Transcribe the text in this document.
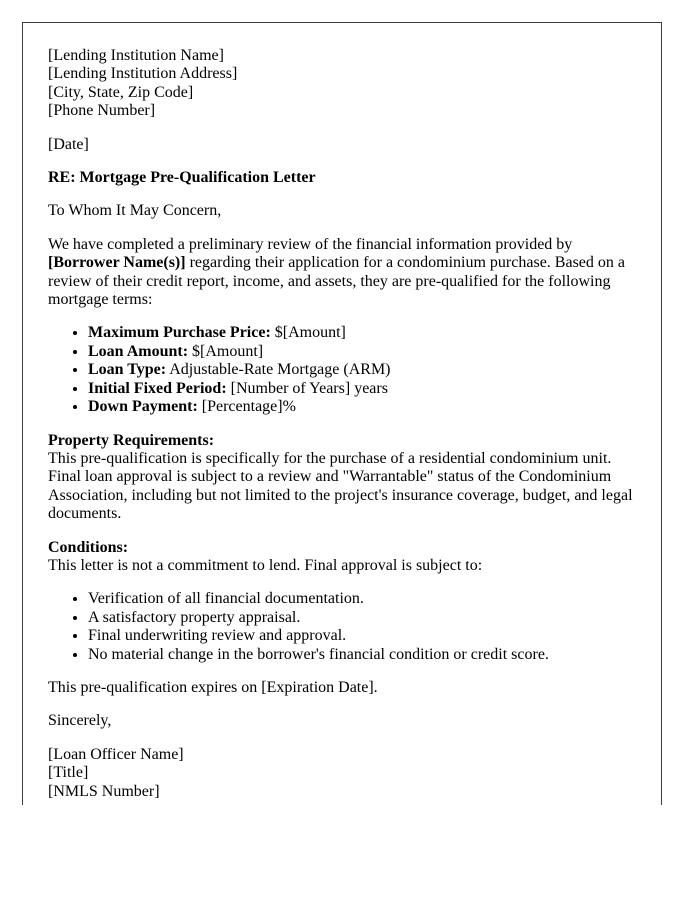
[Lending Institution Name]
[Lending Institution Address]
[City, State, Zip Code]
[Phone Number]

[Date]

RE: Mortgage Pre-Qualification Letter

To Whom It May Concern,

We have completed a preliminary review of the financial information provided by [Borrower Name(s)] regarding their application for a condominium purchase. Based on a review of their credit report, income, and assets, they are pre-qualified for the following mortgage terms:

• Maximum Purchase Price: $[Amount]
• Loan Amount: $[Amount]
• Loan Type: Adjustable-Rate Mortgage (ARM)
• Initial Fixed Period: [Number of Years] years
• Down Payment: [Percentage]%

Property Requirements:
This pre-qualification is specifically for the purchase of a residential condominium unit. Final loan approval is subject to a review and "Warrantable" status of the Condominium Association, including but not limited to the project's insurance coverage, budget, and legal documents.

Conditions:
This letter is not a commitment to lend. Final approval is subject to:

• Verification of all financial documentation.
• A satisfactory property appraisal.
• Final underwriting review and approval.
• No material change in the borrower's financial condition or credit score.

This pre-qualification expires on [Expiration Date].

Sincerely,

[Loan Officer Name]
[Title]
[NMLS Number]
